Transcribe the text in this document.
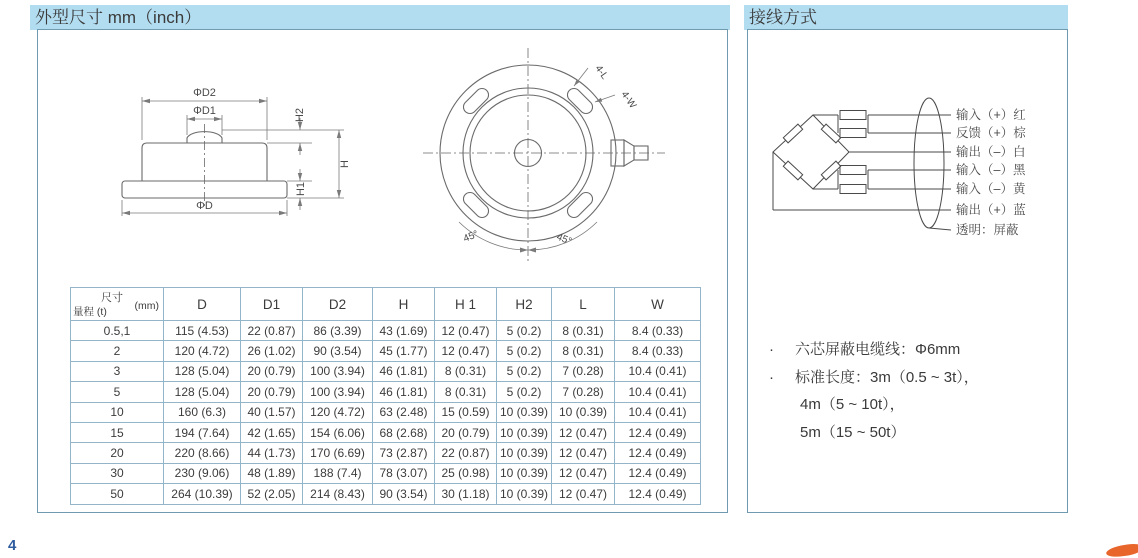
外型尺寸 mm（inch）
ΦD2
ΦD1
ΦD
H2
H
H1
4-L
4-W
45°	45°
尺寸
(mm)
量程 (t)	D	D1	D2	H	H 1	H2	L	W
0.5,1	115 (4.53)	22 (0.87)	86 (3.39)	43 (1.69)	12 (0.47)	5 (0.2)	8 (0.31)	8.4 (0.33)
2	120 (4.72)	26 (1.02)	90 (3.54)	45 (1.77)	12 (0.47)	5 (0.2)	8 (0.31)	8.4 (0.33)
3	128 (5.04)	20 (0.79)	100 (3.94)	46 (1.81)	8 (0.31)	5 (0.2)	7 (0.28)	10.4 (0.41)
5	128 (5.04)	20 (0.79)	100 (3.94)	46 (1.81)	8 (0.31)	5 (0.2)	7 (0.28)	10.4 (0.41)
10	160 (6.3)	40 (1.57)	120 (4.72)	63 (2.48)	15 (0.59)	10 (0.39)	10 (0.39)	10.4 (0.41)
15	194 (7.64)	42 (1.65)	154 (6.06)	68 (2.68)	20 (0.79)	10 (0.39)	12 (0.47)	12.4 (0.49)
20	220 (8.66)	44 (1.73)	170 (6.69)	73 (2.87)	22 (0.87)	10 (0.39)	12 (0.47)	12.4 (0.49)
30	230 (9.06)	48 (1.89)	188 (7.4)	78 (3.07)	25 (0.98)	10 (0.39)	12 (0.47)	12.4 (0.49)
50	264 (10.39)	52 (2.05)	214 (8.43)	90 (3.54)	30 (1.18)	10 (0.39)	12 (0.47)	12.4 (0.49)
接线方式
输入（+）红
反馈（+）棕
输出（–）白
输入（–）黑
输入（–）黄
输出（+）蓝
透明：屏蔽
·	六芯屏蔽电缆线：Φ6mm
·	标准长度：3m（0.5 ~ 3t），
4m（5 ~ 10t），
5m（15 ~ 50t）
4
